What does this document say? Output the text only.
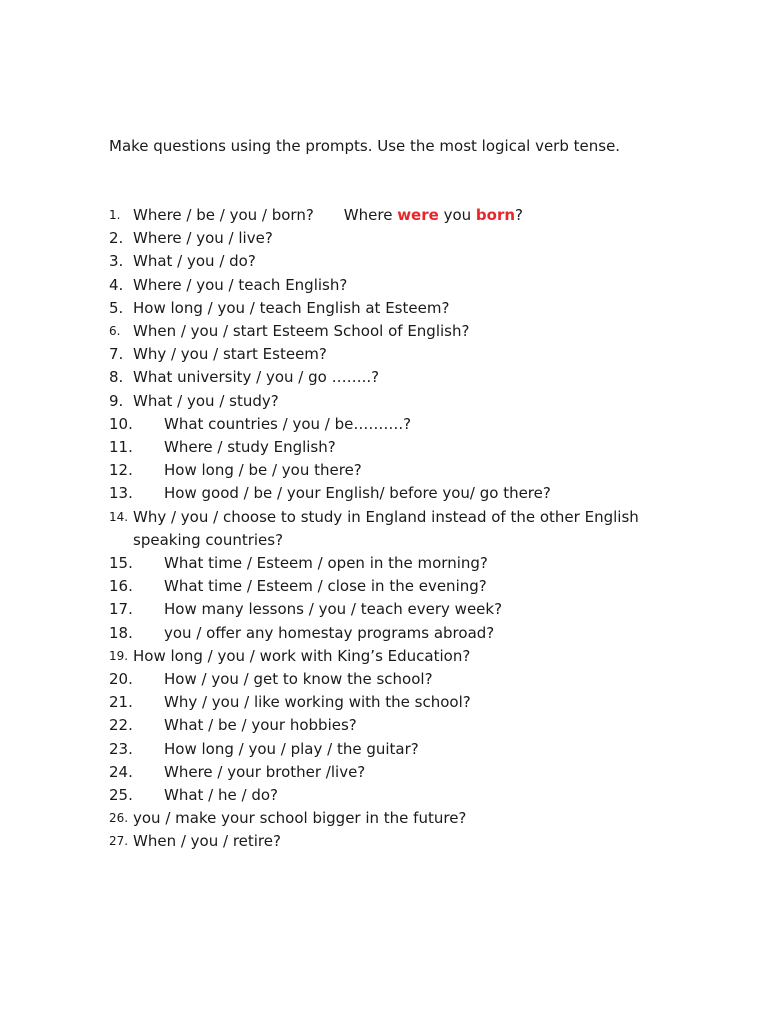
Make questions using the prompts. Use the most logical verb tense.
1. Where / be / you / born? Where were you born?
2. Where / you / live?
3. What / you / do?
4. Where / you / teach English?
5. How long / you / teach English at Esteem?
6. When / you / start Esteem School of English?
7. Why / you / start Esteem?
8. What university / you / go ……..?
9. What / you / study?
10. What countries / you / be……….?
11. Where / study English?
12. How long / be / you there?
13. How good / be / your English/ before you/ go there?
14. Why / you / choose to study in England instead of the other English speaking countries?
15. What time / Esteem / open in the morning?
16. What time / Esteem / close in the evening?
17. How many lessons / you / teach every week?
18. you / offer any homestay programs abroad?
19. How long / you / work with King’s Education?
20. How / you / get to know the school?
21. Why / you / like working with the school?
22. What / be / your hobbies?
23. How long / you / play / the guitar?
24. Where / your brother /live?
25. What / he / do?
26. you / make your school bigger in the future?
27. When / you / retire?
